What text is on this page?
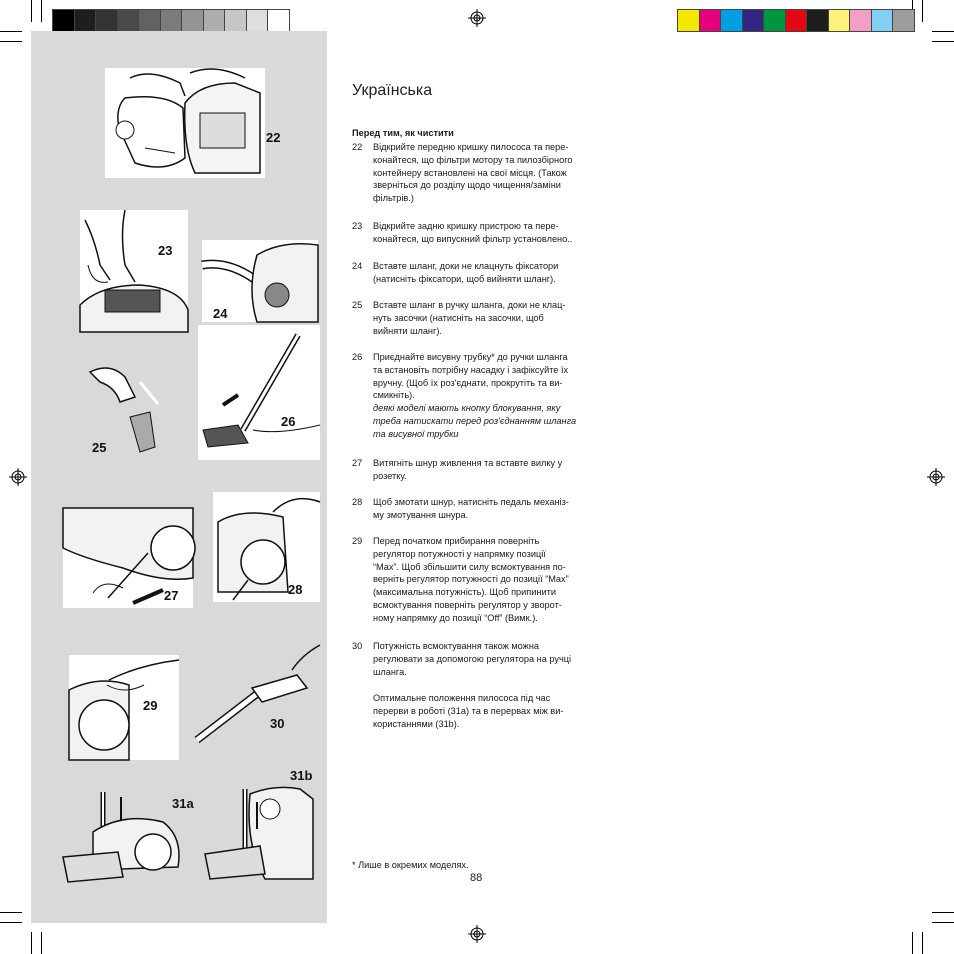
22
23
24
25
26
27	28
29
30
31a
31b
Українська
Перед тим, як чистити
22	Відкрийте передню кришку пилососа та пере-
конайтеся, що фільтри мотору та пилозбірного
контейнеру встановлені на свої місця. (Також
зверніться до розділу щодо чищення/заміни
фільтрів.)
23	Відкрийте задню кришку пристрою та пере-
конайтеся, що випускний фільтр установлено..
24	Вставте шланг, доки не клацнуть фіксатори
(натисніть фіксатори, щоб вийняти шланг).
25	Вставте шланг в ручку шланга, доки не клац-
нуть засочки (натисніть на засочки, щоб
вийняти шланг).
26	Приєднайте висувну трубку* до ручки шланга
та встановіть потрібну насадку і зафіксуйте їх
вручну. (Щоб їх роз'єднати, прокрутіть та ви-
смикніть).
деякі моделі мають кнопку блокування, яку
треба натискати перед роз'єднанням шланга
та висувної трубки
27	Витягніть шнур живлення та вставте вилку у
розетку.
28	Щоб змотати шнур, натисніть педаль механіз-
му змотування шнура.
29	Перед початком прибирання поверніть
регулятор потужності у напрямку позиції
“Max”. Щоб збільшити силу всмоктування по-
верніть регулятор потужності до позиції “Max”
(максимальна потужність). Щоб припинити
всмоктування поверніть регулятор у зворот-
ному напрямку до позиції “Off” (Вимк.).
30	Потужність всмоктування також можна
регулювати за допомогою регулятора на ручці
шланга.
Оптимальне положення пилососа під час
перерви в роботі (31a) та в перервах між ви-
користаннями (31b).
* Лише в окремих моделях.
88
